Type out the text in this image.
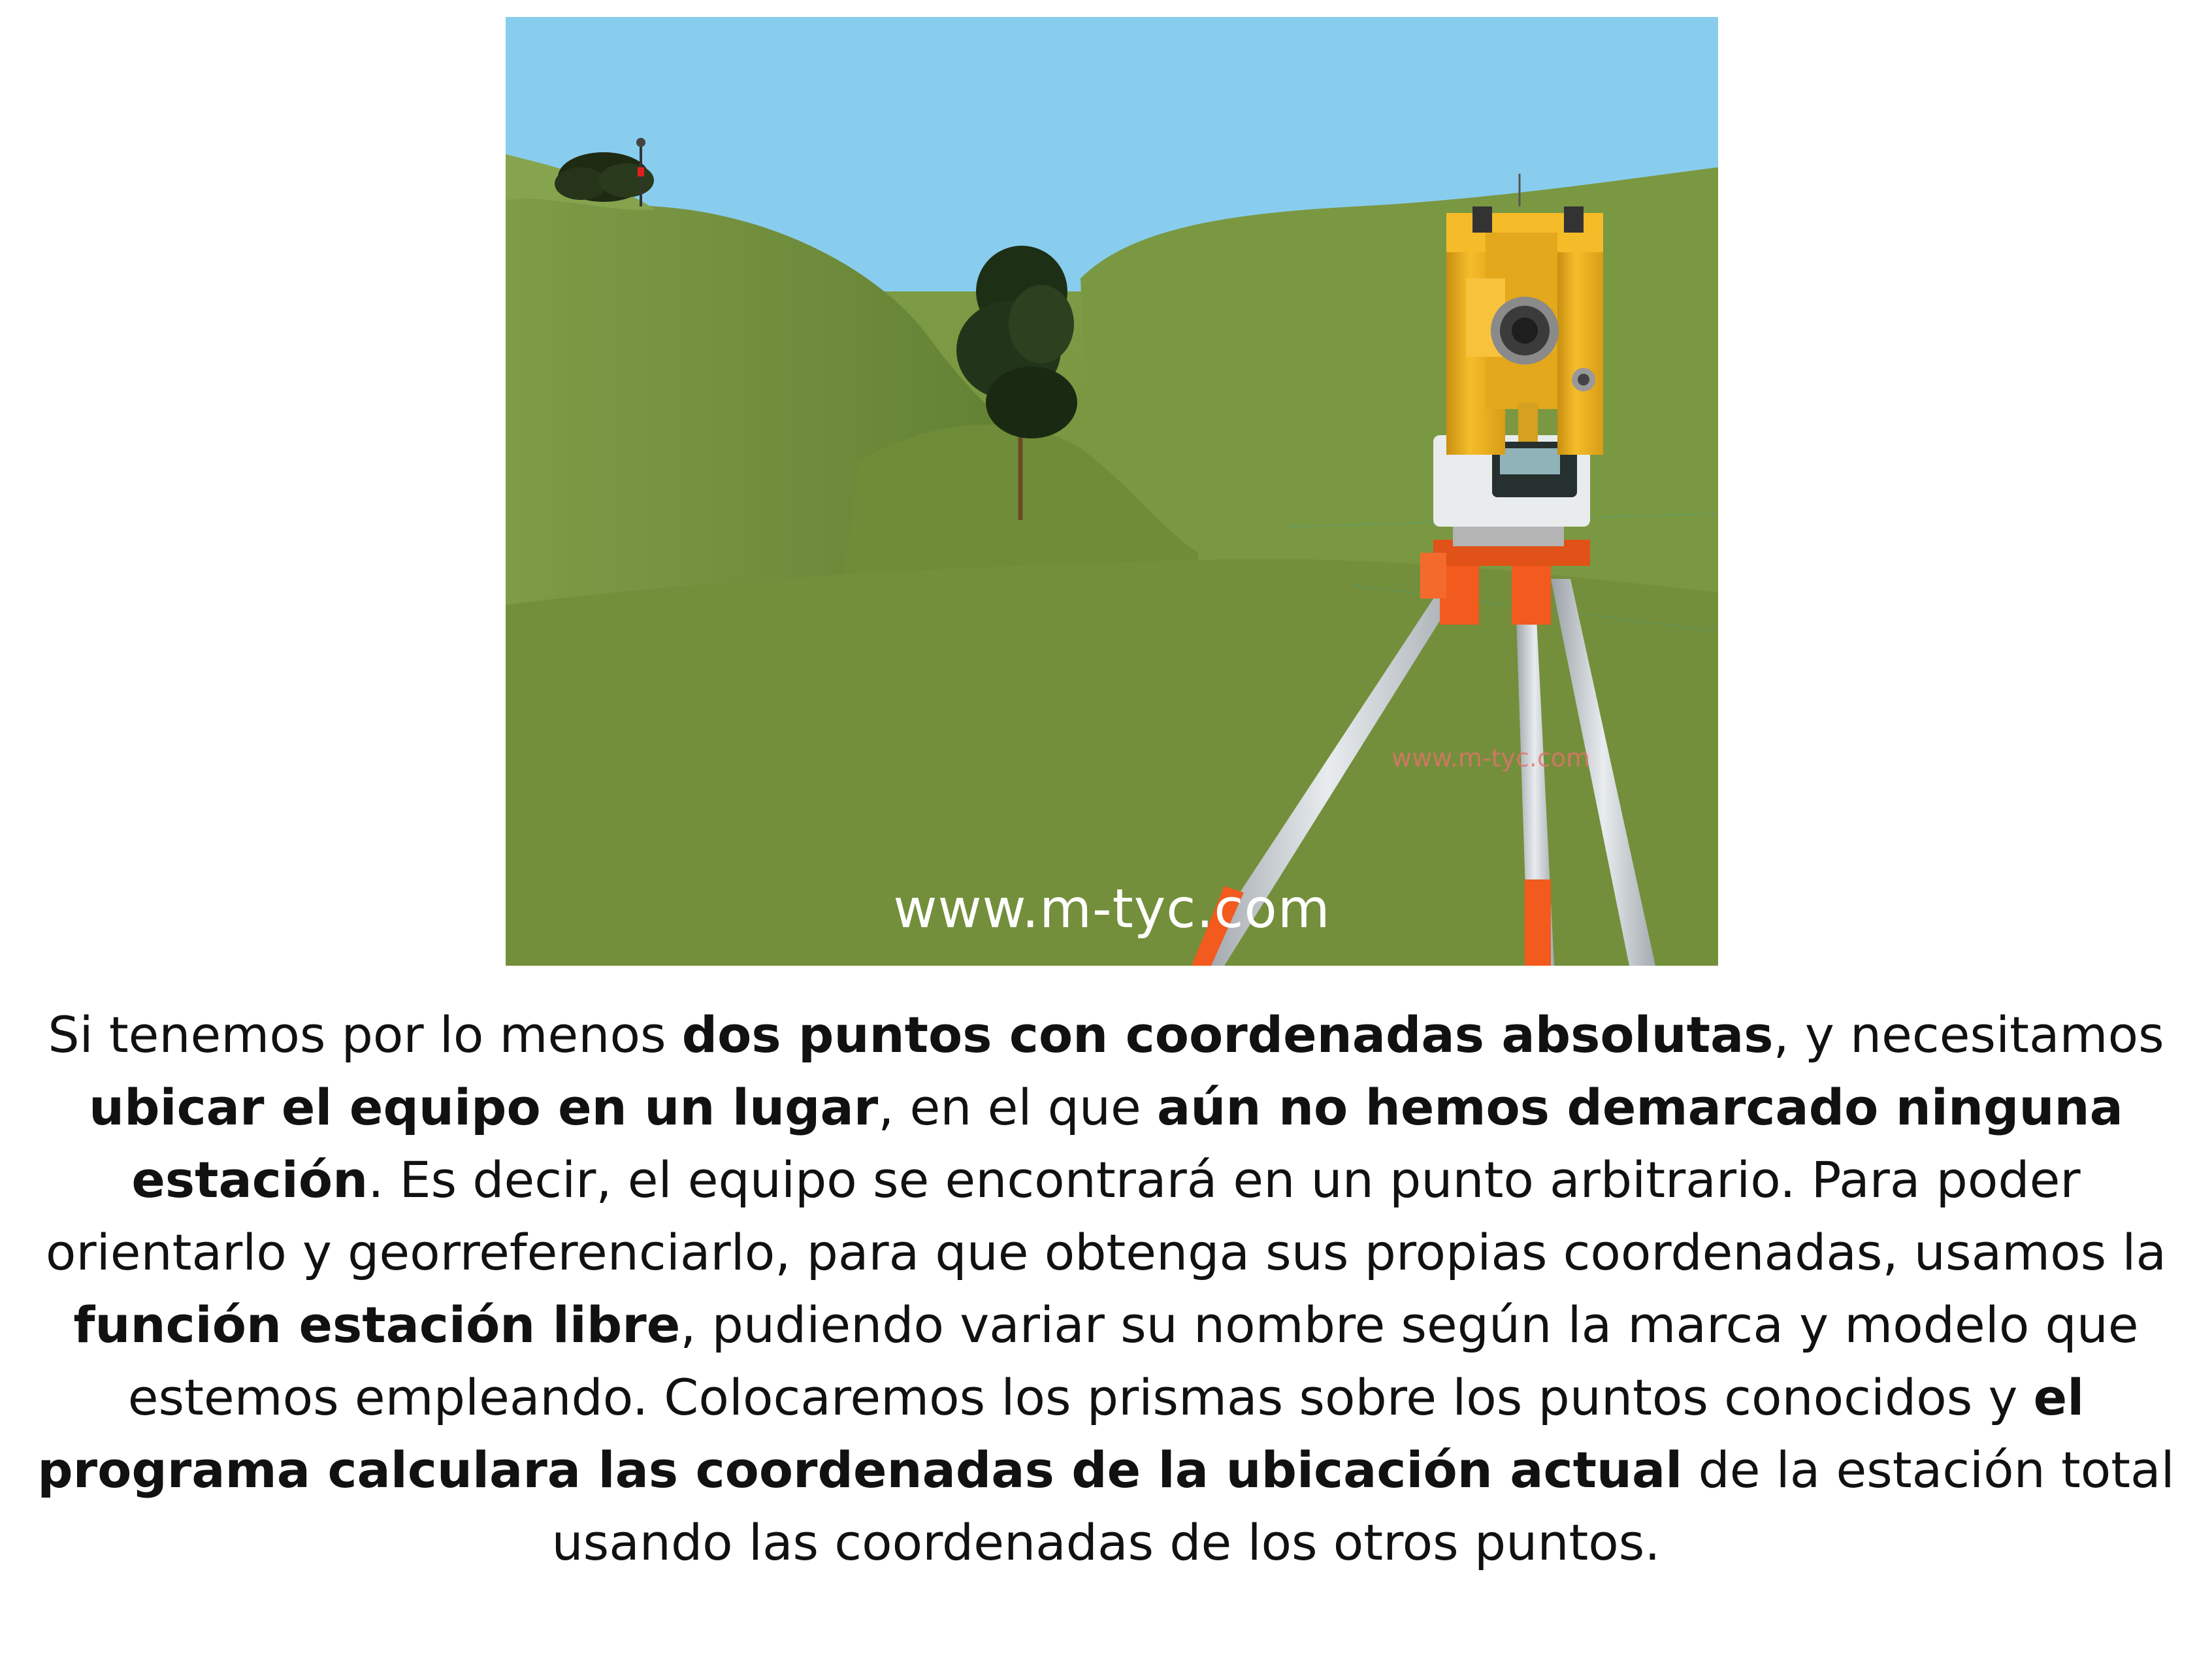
www.m-tyc.com
www.m-tyc.com
Si tenemos por lo menos dos puntos con coordenadas absolutas, y necesitamos ubicar el equipo en un lugar, en el que aún no hemos demarcado ninguna estación. Es decir, el equipo se encontrará en un punto arbitrario. Para poder orientarlo y georreferenciarlo, para que obtenga sus propias coordenadas, usamos la función estación libre, pudiendo variar su nombre según la marca y modelo que estemos empleando. Colocaremos los prismas sobre los puntos conocidos y el programa calculara las coordenadas de la ubicación actual de la estación total usando las coordenadas de los otros puntos.
